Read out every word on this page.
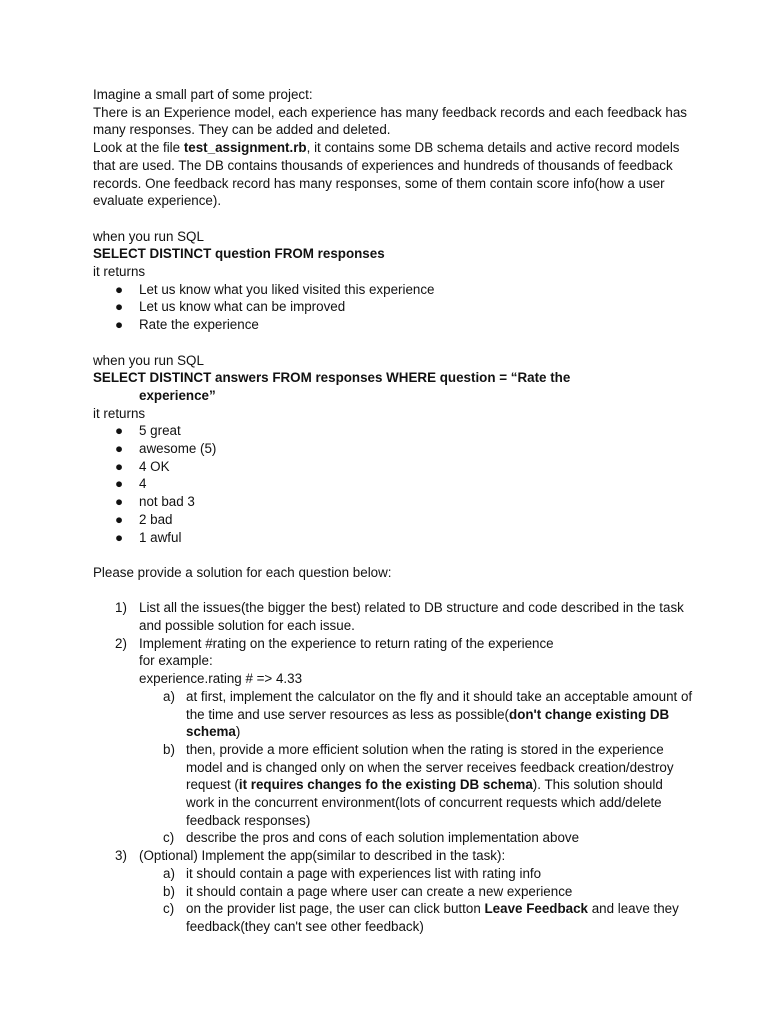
Imagine a small part of some project:

There is an Experience model, each experience has many feedback records and each feedback has many responses. They can be added and deleted.

Look at the file test_assignment.rb, it contains some DB schema details and active record models that are used. The DB contains thousands of experiences and hundreds of thousands of feedback records. One feedback record has many responses, some of them contain score info(how a user evaluate experience).

when you run SQL

SELECT DISTINCT question FROM responses

it returns

● Let us know what you liked visited this experience
● Let us know what can be improved
● Rate the experience

when you run SQL

SELECT DISTINCT answers FROM responses WHERE question = “Rate the

experience”

it returns

● 5 great
● awesome (5)
● 4 OK
● 4
● not bad 3
● 2 bad
● 1 awful

Please provide a solution for each question below:

1) List all the issues(the bigger the best) related to DB structure and code described in the task and possible solution for each issue.
2) Implement #rating on the experience to return rating of the experience
for example:
experience.rating # => 4.33
a) at first, implement the calculator on the fly and it should take an acceptable amount of the time and use server resources as less as possible(don't change existing DB schema)
b) then, provide a more efficient solution when the rating is stored in the experience model and is changed only on when the server receives feedback creation/destroy request (it requires changes fo the existing DB schema). This solution should work in the concurrent environment(lots of concurrent requests which add/delete feedback responses)
c) describe the pros and cons of each solution implementation above
3) (Optional) Implement the app(similar to described in the task):
a) it should contain a page with experiences list with rating info
b) it should contain a page where user can create a new experience
c) on the provider list page, the user can click button Leave Feedback and leave they feedback(they can't see other feedback)
